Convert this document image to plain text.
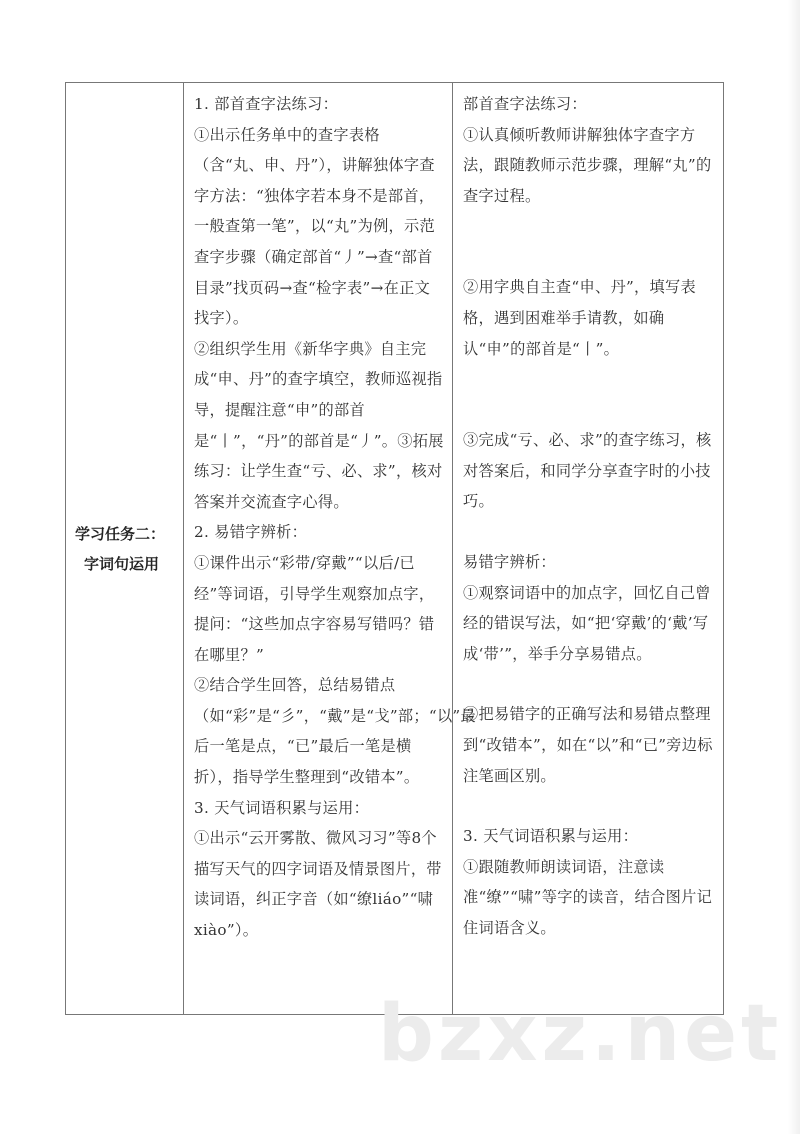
学习任务二：
字词句运用

1. 部首查字法练习：
①出示任务单中的查字表格（含“丸、申、丹”），讲解独体字查字方法：“独体字若本身不是部首，一般查第一笔”，以“丸”为例，示范查字步骤（确定部首“丿”→查“部首目录”找页码→查“检字表”→在正文找字）。
②组织学生用《新华字典》自主完成“申、丹”的查字填空，教师巡视指导，提醒注意“申”的部首是“丨”，“丹”的部首是“丿”。③拓展练习：让学生查“亏、必、求”，核对答案并交流查字心得。
2. 易错字辨析：
①课件出示“彩带/穿戴”“以后/已经”等词语，引导学生观察加点字，提问：“这些加点字容易写错吗？错在哪里？”
②结合学生回答，总结易错点（如“彩”是“彡”，“戴”是“戈”部；“以”最后一笔是点，“已”最后一笔是横折），指导学生整理到“改错本”。
3. 天气词语积累与运用：
①出示“云开雾散、微风习习”等8个描写天气的四字词语及情景图片，带读词语，纠正字音（如“缭liáo”“啸xiào”）。

部首查字法练习：
①认真倾听教师讲解独体字查字方法，跟随教师示范步骤，理解“丸”的查字过程。
②用字典自主查“申、丹”，填写表格，遇到困难举手请教，如确认“申”的部首是“丨”。
③完成“亏、必、求”的查字练习，核对答案后，和同学分享查字时的小技巧。
易错字辨析：
①观察词语中的加点字，回忆自己曾经的错误写法，如“把‘穿戴’的‘戴’写成‘带’”，举手分享易错点。
②把易错字的正确写法和易错点整理到“改错本”，如在“以”和“已”旁边标注笔画区别。
3. 天气词语积累与运用：
①跟随教师朗读词语，注意读准“缭”“啸”等字的读音，结合图片记住词语含义。
bzxz.net
